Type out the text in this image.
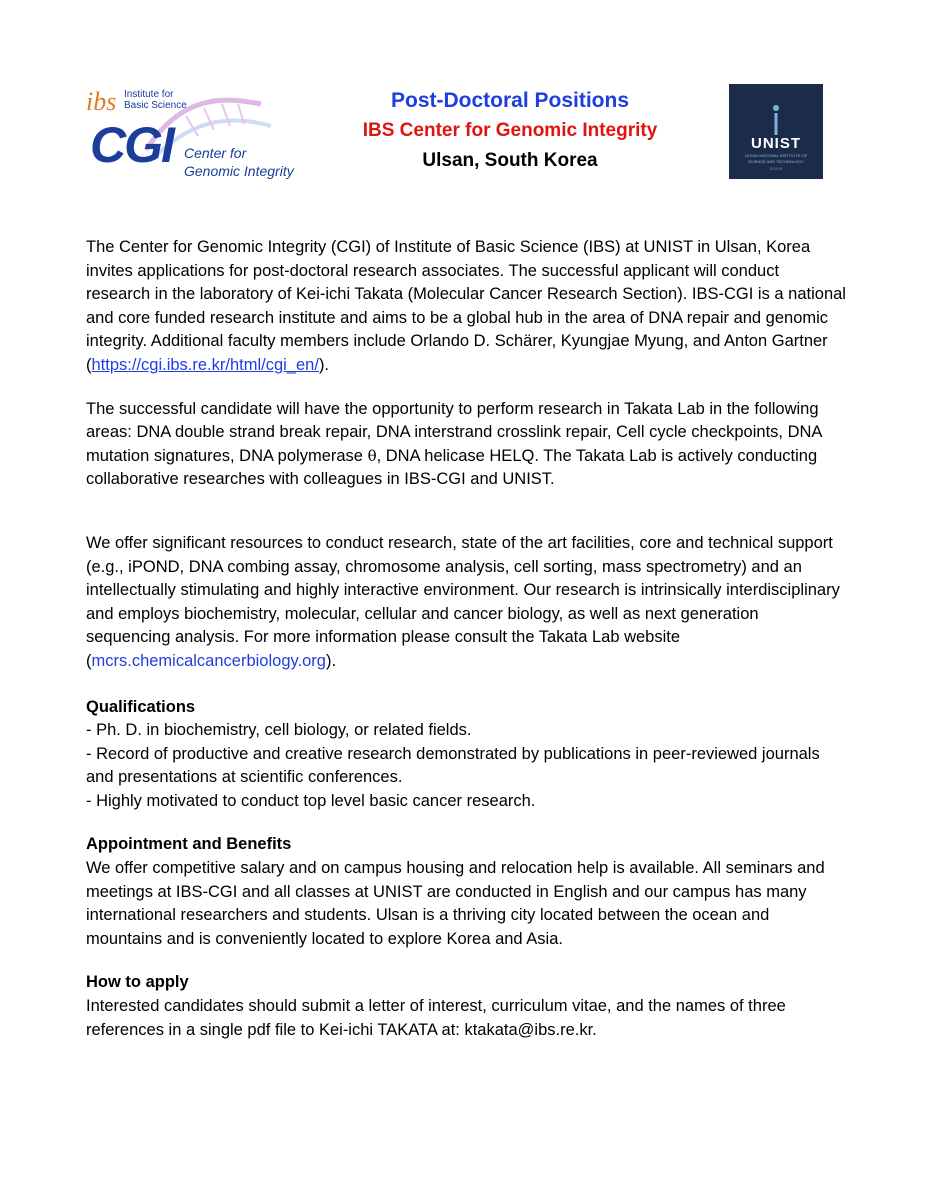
ibs Institute for
Basic Science
CGI Center for
Genomic Integrity
Post-Doctoral Positions
IBS Center for Genomic Integrity
Ulsan, South Korea
UNIST
ULSAN NATIONAL INSTITUTE OF
SCIENCE AND TECHNOLOGY
2 0 0 9

The Center for Genomic Integrity (CGI) of Institute of Basic Science (IBS) at UNIST in Ulsan, Korea invites applications for post-doctoral research associates. The successful applicant will conduct research in the laboratory of Kei-ichi Takata (Molecular Cancer Research Section). IBS-CGI is a national and core funded research institute and aims to be a global hub in the area of DNA repair and genomic integrity. Additional faculty members include Orlando D. Schärer, Kyungjae Myung, and Anton Gartner (https://cgi.ibs.re.kr/html/cgi_en/).

The successful candidate will have the opportunity to perform research in Takata Lab in the following areas: DNA double strand break repair, DNA interstrand crosslink repair, Cell cycle checkpoints, DNA mutation signatures, DNA polymerase θ, DNA helicase HELQ. The Takata Lab is actively conducting collaborative researches with colleagues in IBS-CGI and UNIST.

We offer significant resources to conduct research, state of the art facilities, core and technical support (e.g., iPOND, DNA combing assay, chromosome analysis, cell sorting, mass spectrometry) and an intellectually stimulating and highly interactive environment. Our research is intrinsically interdisciplinary and employs biochemistry, molecular, cellular and cancer biology, as well as next generation sequencing analysis. For more information please consult the Takata Lab website (mcrs.chemicalcancerbiology.org).

Qualifications

- Ph. D. in biochemistry, cell biology, or related fields.

- Record of productive and creative research demonstrated by publications in peer-reviewed journals and presentations at scientific conferences.

- Highly motivated to conduct top level basic cancer research.

Appointment and Benefits

We offer competitive salary and on campus housing and relocation help is available. All seminars and meetings at IBS-CGI and all classes at UNIST are conducted in English and our campus has many international researchers and students. Ulsan is a thriving city located between the ocean and mountains and is conveniently located to explore Korea and Asia.

How to apply

Interested candidates should submit a letter of interest, curriculum vitae, and the names of three references in a single pdf file to Kei-ichi TAKATA at: ktakata@ibs.re.kr.
